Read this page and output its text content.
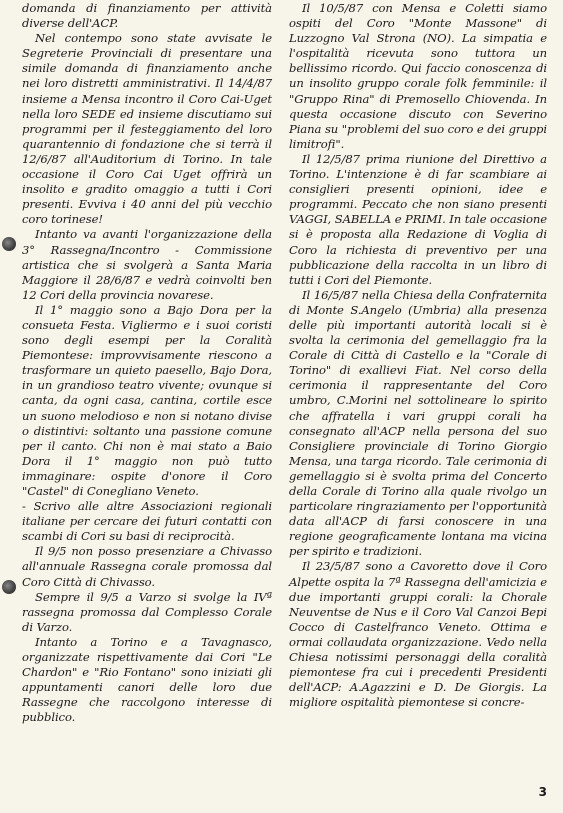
domanda di finanziamento per attività diverse dell'ACP.

Nel contempo sono state avvisate le Segreterie Provinciali di presentare una simile domanda di finanziamento anche nei loro distretti amministrativi. Il 14/4/87 insieme a Mensa incontro il Coro Cai-Uget nella loro SEDE ed insieme discutiamo sui programmi per il festeggiamento del loro quarantennio di fondazione che si terrà il 12/6/87 all'Auditorium di Torino. In tale occasione il Coro Cai Uget offrirà un insolito e gradito omaggio a tutti i Cori presenti. Evviva i 40 anni del più vecchio coro torinese!

Intanto va avanti l'organizzazione della 3° Rassegna/Incontro - Commissione artistica che si svolgerà a Santa Maria Maggiore il 28/6/87 e vedrà coinvolti ben 12 Cori della provincia novarese.

Il 1° maggio sono a Bajo Dora per la consueta Festa. Vigliermo e i suoi coristi sono degli esempi per la Coralità Piemontese: improvvisamente riescono a trasformare un quieto paesello, Bajo Dora, in un grandioso teatro vivente; ovunque si canta, da ogni casa, cantina, cortile esce un suono melodioso e non si notano divise o distintivi: soltanto una passione comune per il canto. Chi non è mai stato a Baio Dora il 1° maggio non può tutto immaginare: ospite d'onore il Coro "Castel" di Conegliano Veneto.

- Scrivo alle altre Associazioni regionali italiane per cercare dei futuri contatti con scambi di Cori su basi di reciprocità.

Il 9/5 non posso presenziare a Chivasso all'annuale Rassegna corale promossa dal Coro Città di Chivasso.

Sempre il 9/5 a Varzo si svolge la IVª rassegna promossa dal Complesso Corale di Varzo.

Intanto a Torino e a Tavagnasco, organizzate rispettivamente dai Cori "Le Chardon" e "Rio Fontano" sono iniziati gli appuntamenti canori delle loro due Rassegne che raccolgono interesse di pubblico.

Il 10/5/87 con Mensa e Coletti siamo ospiti del Coro "Monte Massone" di Luzzogno Val Strona (NO). La simpatia e l'ospitalità ricevuta sono tuttora un bellissimo ricordo. Qui faccio conoscenza di un insolito gruppo corale folk femminile: il "Gruppo Rina" di Premosello Chiovenda. In questa occasione discuto con Severino Piana su "problemi del suo coro e dei gruppi limitrofi".

Il 12/5/87 prima riunione del Direttivo a Torino. L'intenzione è di far scambiare ai consiglieri presenti opinioni, idee e programmi. Peccato che non siano presenti VAGGI, SABELLA e PRIMI. In tale occasione si è proposta alla Redazione di Voglia di Coro la richiesta di preventivo per una pubblicazione della raccolta in un libro di tutti i Cori del Piemonte.

Il 16/5/87 nella Chiesa della Confraternita di Monte S.Angelo (Umbria) alla presenza delle più importanti autorità locali si è svolta la cerimonia del gemellaggio fra la Corale di Città di Castello e la "Corale di Torino" di exallievi Fiat. Nel corso della cerimonia il rappresentante del Coro umbro, C.Morini nel sottolineare lo spirito che affratella i vari gruppi corali ha consegnato all'ACP nella persona del suo Consigliere provinciale di Torino Giorgio Mensa, una targa ricordo. Tale cerimonia di gemellaggio si è svolta prima del Concerto della Corale di Torino alla quale rivolgo un particolare ringraziamento per l'opportunità data all'ACP di farsi conoscere in una regione geograficamente lontana ma vicina per spirito e tradizioni.

Il 23/5/87 sono a Cavoretto dove il Coro Alpette ospita la 7ª Rassegna dell'amicizia e due importanti gruppi corali: la Chorale Neuventse de Nus e il Coro Val Canzoi Bepi Cocco di Castelfranco Veneto. Ottima e ormai collaudata organizzazione. Vedo nella Chiesa notissimi personaggi della coralità piemontese fra cui i precedenti Presidenti dell'ACP: A.Agazzini e D. De Giorgis. La migliore ospitalità piemontese si concre-

3
